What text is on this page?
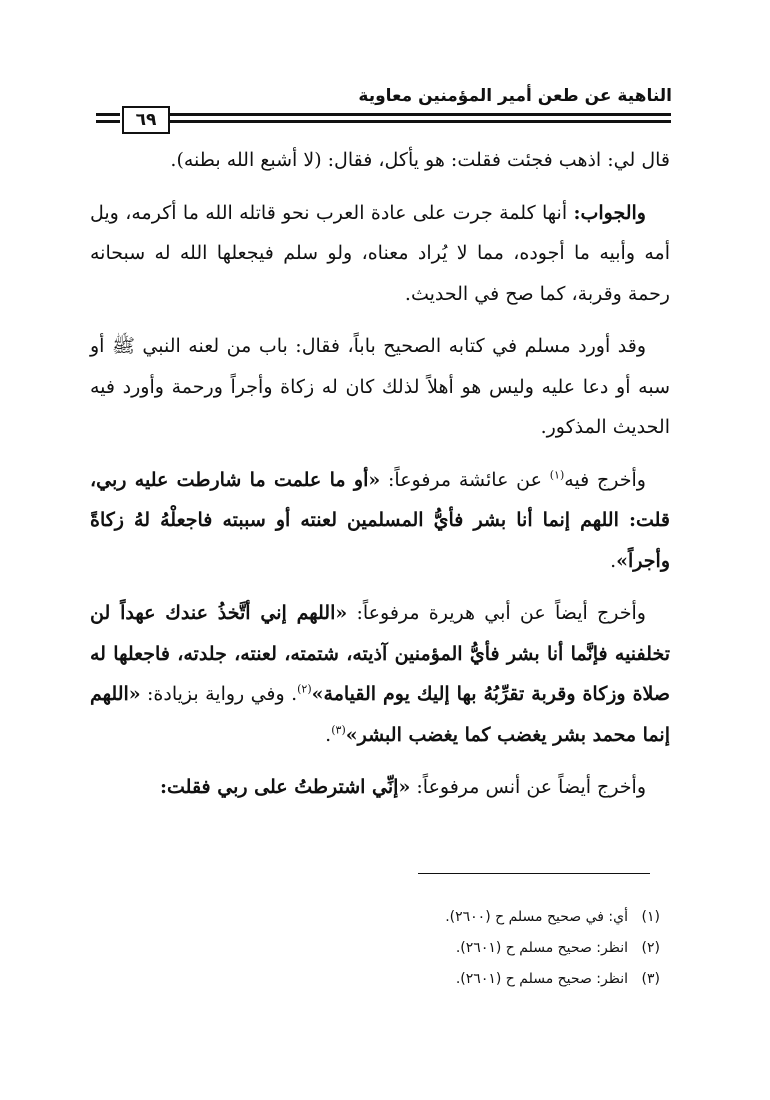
الناهية عن طعن أمير المؤمنين معاوية
٦٩

قال لي: اذهب فجئت فقلت: هو يأكل، فقال: (لا أشبع الله بطنه).

والجواب: أنها كلمة جرت على عادة العرب نحو قاتله الله ما أكرمه، ويل أمه وأبيه ما أجوده، مما لا يُراد معناه، ولو سلم فيجعلها الله له سبحانه رحمة وقربة، كما صح في الحديث.

وقد أورد مسلم في كتابه الصحيح باباً، فقال: باب من لعنه النبي ﷺ أو سبه أو دعا عليه وليس هو أهلاً لذلك كان له زكاة وأجراً ورحمة وأورد فيه الحديث المذكور.

وأخرج فيه$^{(١)}$ عن عائشة مرفوعاً: «أو ما علمت ما شارطت عليه ربي، قلت: اللهم إنما أنا بشر فأيُّ المسلمين لعنته أو سببته فاجعلْهُ لهُ زكاةً وأجراً».

وأخرج أيضاً عن أبي هريرة مرفوعاً: «اللهم إني أتَّخذُ عندك عهداً لن تخلفنيه فإنَّما أنا بشر فأيُّ المؤمنين آذيته، شتمته، لعنته، جلدته، فاجعلها له صلاة وزكاة وقربة تقرِّبُهُ بها إليك يوم القيامة»$^{(٢)}$. وفي رواية بزيادة: «اللهم إنما محمد بشر يغضب كما يغضب البشر»$^{(٣)}$.

وأخرج أيضاً عن أنس مرفوعاً: «إنِّي اشترطتُ على ربي فقلت:

(١)أي: في صحيح مسلم ح (٢٦٠٠).
(٢)انظر: صحيح مسلم ح (٢٦٠١).
(٣)انظر: صحيح مسلم ح (٢٦٠١).
